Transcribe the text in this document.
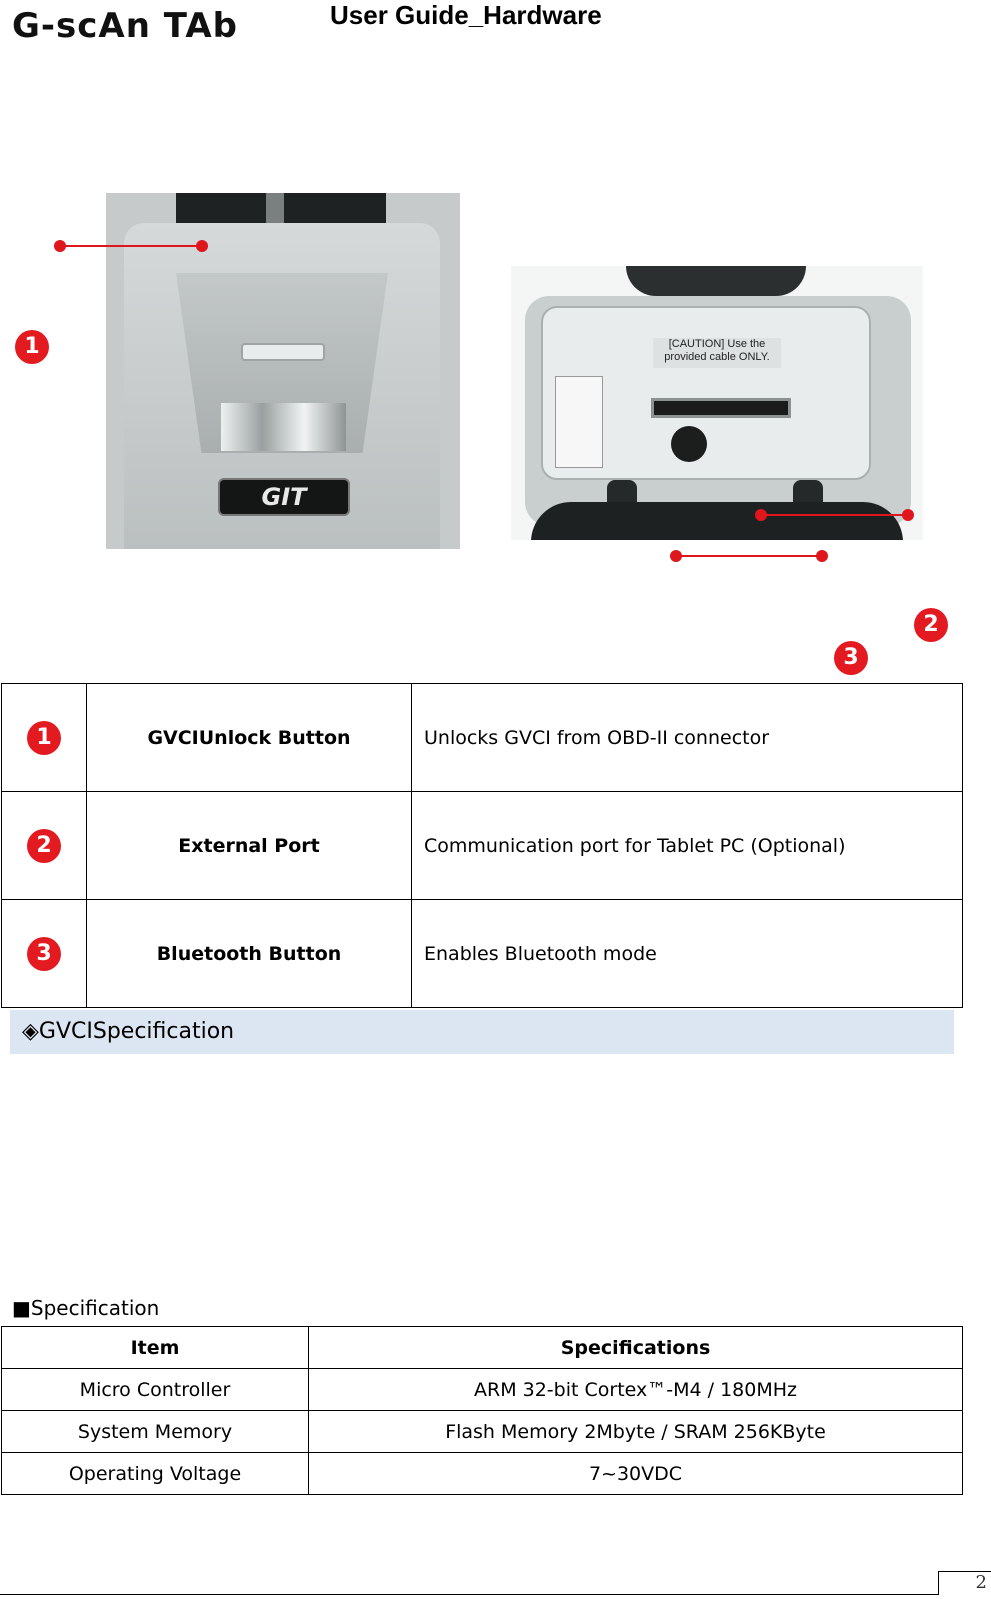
G-scAn TAb	User Guide_Hardware
GIT
[CAUTION] Use the provided cable ONLY.
1
2
3
1	GVCIUnlock Button	Unlocks GVCI from OBD-II connector
2	External Port	Communication port for Tablet PC (Optional)
3	Bluetooth Button	Enables Bluetooth mode
◈GVCISpecification
■Specification
Item	Specifications
Micro Controller	ARM 32-bit Cortex™-M4 / 180MHz
System Memory	Flash Memory 2Mbyte / SRAM 256KByte
Operating Voltage	7~30VDC
2
